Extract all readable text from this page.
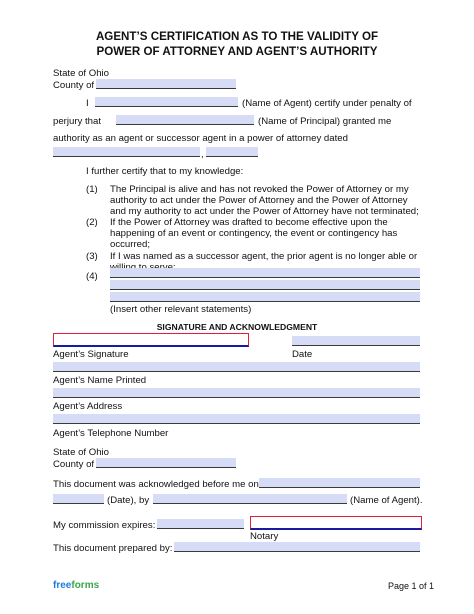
AGENT’S CERTIFICATION AS TO THE VALIDITY OF
POWER OF ATTORNEY AND AGENT’S AUTHORITY
State of Ohio
County of
I	(Name of Agent) certify under penalty of
perjury that	(Name of Principal) granted me
authority as an agent or successor agent in a power of attorney dated
,
I further certify that to my knowledge:
(1) The Principal is alive and has not revoked the Power of Attorney or my
authority to act under the Power of Attorney and the Power of Attorney
and my authority to act under the Power of Attorney have not terminated;
(2) If the Power of Attorney was drafted to become effective upon the
happening of an event or contingency, the event or contingency has
occurred;
(3) If I was named as a successor agent, the prior agent is no longer able or
(4)
(Insert other relevant statements)
SIGNATURE AND ACKNOWLEDGMENT
Agent’s Signature	Date
Agent’s Name Printed
Agent’s Address
Agent’s Telephone Number
State of Ohio
County of
This document was acknowledged before me on
(Date), by	(Name of Agent).
My commission expires:
Notary
This document prepared by:
freeforms	Page 1 of 1
